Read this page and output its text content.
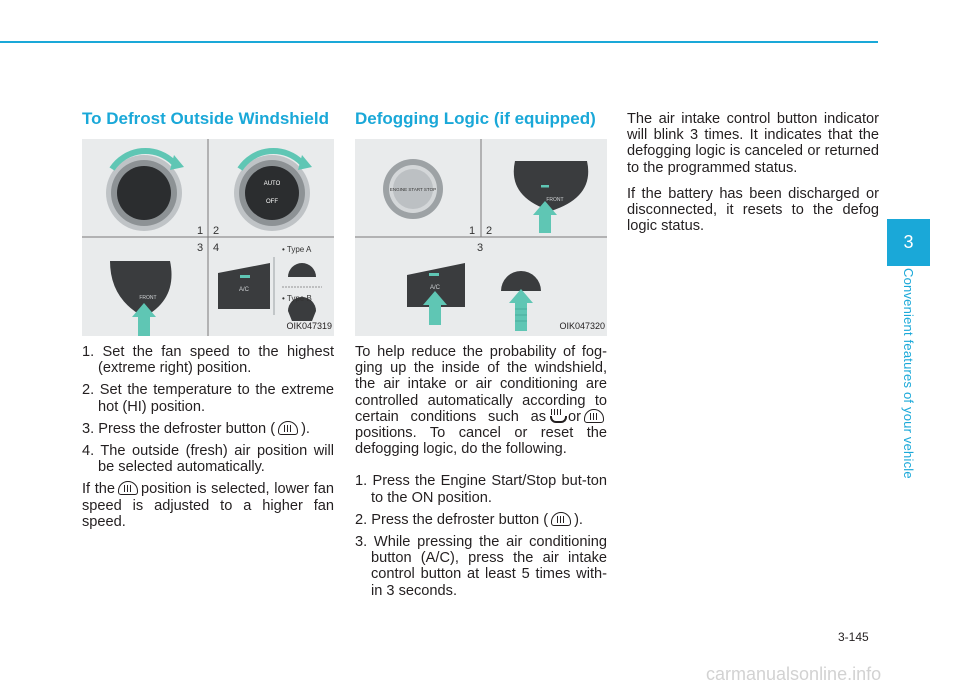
To Defrost Outside Windshield
AUTO
OFF
FRONT
A/C
1 2
3 4	• Type A
• Type B
OIK047319
1. Set the fan speed to the highest (extreme right) position.
2. Set the temperature to the extreme hot (HI) position.
3. Press the defroster button ( ).
4. The outside (fresh) air position will be selected automatically.
If the position is selected, lower fan speed is adjusted to a higher fan speed.
Defogging Logic (if equipped)
ENGINE START STOP
FRONT
A/C
1 2
3
OIK047320
To help reduce the probability of fog-ging up the inside of the windshield, the air intake or air conditioning are controlled automatically according to certain conditions such as orpositions. To cancel or reset the defogging logic, do the following.
1. Press the Engine Start/Stop but-ton to the ON position.
2. Press the defroster button ( ).
3. While pressing the air conditioning button (A/C), press the air intake control button at least 5 times with-in 3 seconds.
The air intake control button indicator will blink 3 times. It indicates that the defogging logic is canceled or returned to the programmed status.
If the battery has been discharged or disconnected, it resets to the defog logic status.
3
Convenient features of your vehicle
3-145
carmanualsonline.info
